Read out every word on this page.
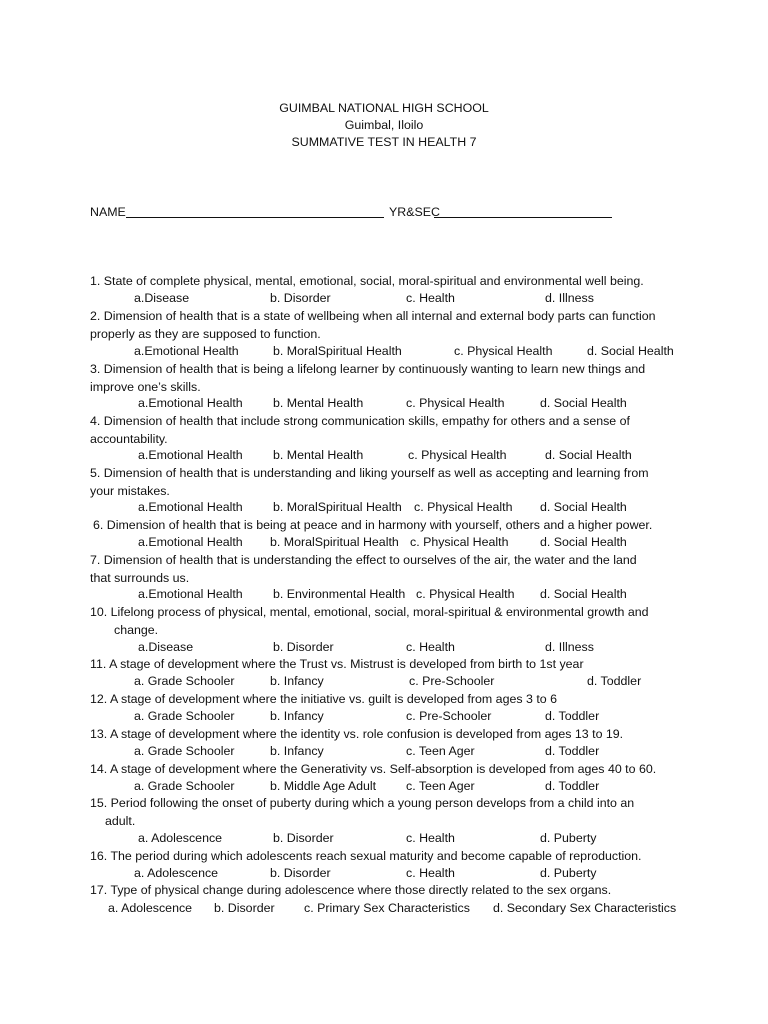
GUIMBAL NATIONAL HIGH SCHOOL
Guimbal, Iloilo
SUMMATIVE TEST IN HEALTH 7
NAME	YR&SEC
1. State of complete physical, mental, emotional, social, moral-spiritual and environmental well being.
a.Disease	b. Disorder	c. Health	d. Illness
2. Dimension of health that is a state of wellbeing when all internal and external body parts can function
properly as they are supposed to function.
a.Emotional Health	b. MoralSpiritual Health	c. Physical Health	d. Social Health
3. Dimension of health that is being a lifelong learner by continuously wanting to learn new things and
improve one’s skills.
a.Emotional Health b. Mental Health	c. Physical Health	d. Social Health
4. Dimension of health that include strong communication skills, empathy for others and a sense of
accountability.
a.Emotional Health b. Mental Health	c. Physical Health	d. Social Health
5. Dimension of health that is understanding and liking yourself as well as accepting and learning from
your mistakes.
a.Emotional Health b. MoralSpiritual Health c. Physical Health d. Social Health
6. Dimension of health that is being at peace and in harmony with yourself, others and a higher power.
a.Emotional Health b. MoralSpiritual Health c. Physical Health	d. Social Health
7. Dimension of health that is understanding the effect to ourselves of the air, the water and the land
that surrounds us.
a.Emotional Health b. Environmental Health c. Physical Health d. Social Health
10. Lifelong process of physical, mental, emotional, social, moral-spiritual & environmental growth and
change.
a.Disease	b. Disorder	c. Health	d. Illness
11. A stage of development where the Trust vs. Mistrust is developed from birth to 1st year
a. Grade Schooler	b. Infancy	c. Pre-Schooler	d. Toddler
12. A stage of development where the initiative vs. guilt is developed from ages 3 to 6
a. Grade Schooler	b. Infancy	c. Pre-Schooler	d. Toddler
13. A stage of development where the identity vs. role confusion is developed from ages 13 to 19.
a. Grade Schooler	b. Infancy	c. Teen Ager	d. Toddler
14. A stage of development where the Generativity vs. Self-absorption is developed from ages 40 to 60.
a. Grade Schooler	b. Middle Age Adult c. Teen Ager	d. Toddler
15. Period following the onset of puberty during which a young person develops from a child into an
adult.
a. Adolescence	b. Disorder	c. Health	d. Puberty
16. The period during which adolescents reach sexual maturity and become capable of reproduction.
a. Adolescence	b. Disorder	c. Health	d. Puberty
17. Type of physical change during adolescence where those directly related to the sex organs.
a. Adolescence b. Disorder c. Primary Sex Characteristics d. Secondary Sex Characteristics
